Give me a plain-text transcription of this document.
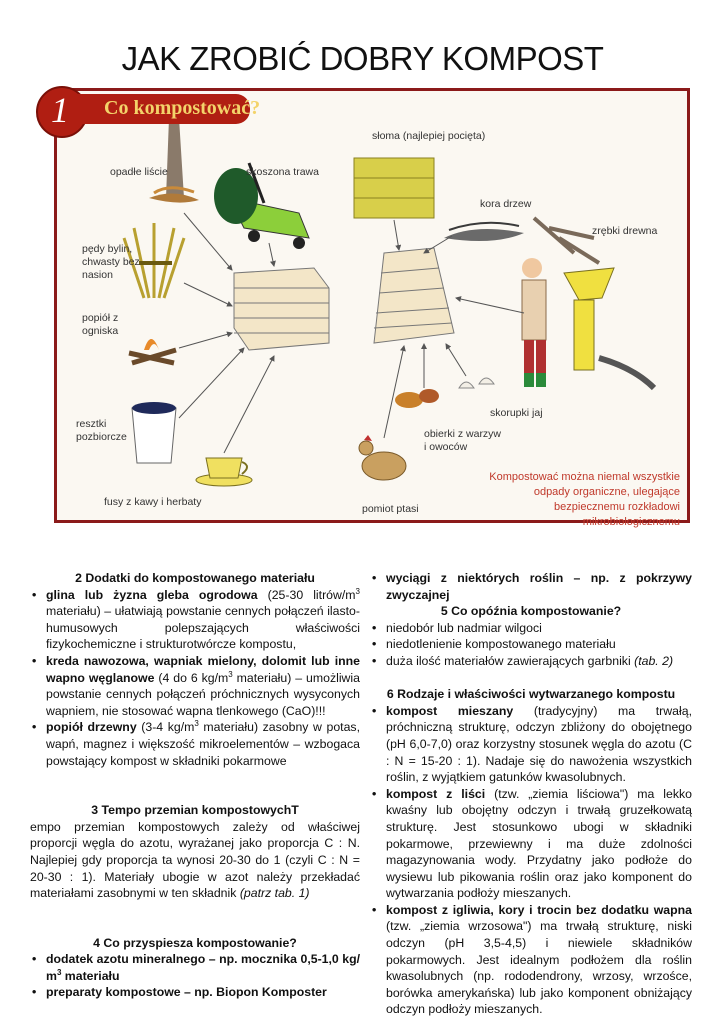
JAK ZROBIĆ DOBRY KOMPOST
1	Co kompostować?
opadłe liście	skoszona trawa
słoma (najlepiej pocięta)
kora drzew
zrębki drewna
pędy bylin, chwasty bez nasion
popiół z ogniska
resztki pozbiorcze
fusy z kawy i herbaty
pomiot ptasi
obierki z warzyw i owoców
skorupki jaj
Kompostować można niemal wszystkie odpady organiczne, ulegające bezpiecznemu rozkładowi mikrobiologicznemu
2 Dodatki do kompostowanego materiału
• glina lub żyzna gleba ogrodowa (25-30 litrów/$m^3$ materiału) – ułatwiają powstanie cennych połączeń ilasto-humusowych polepszających właściwości fizykochemiczne i strukturotwórcze kompostu,
• kreda nawozowa, wapniak mielony, dolomit lub inne wapno węglanowe (4 do 6 $kg/m^3$ materiału) – umożliwia powstanie cennych połączeń próchnicznych wysyconych wapniem, nie stosować wapna tlenkowego (CaO)!!!
• popiół drzewny (3-4 $kg/m^3$ materiału) zasobny w potas, wapń, magnez i większość mikroelementów – wzbogaca powstający kompost w składniki pokarmowe
3 Tempo przemian kompostowychT

empo przemian kompostowych zależy od właściwej proporcji węgla do azotu, wyrażanej jako proporcja C : N. Najlepiej gdy proporcja ta wynosi 20-30 do 1 (czyli C : N = 20-30 : 1). Materiały ubogie w azot należy przekładać materiałami zasobnymi w ten składnik (patrz tab. 1)

4 Co przyspiesza kompostowanie?
• dodatek azotu mineralnego – np. mocznika 0,5-1,0 kg/ $m^3$ materiału
• preparaty kompostowe – np. Biopon Komposter
• wyciągi z niektórych roślin – np. z pokrzywy zwyczajnej
5 Co opóźnia kompostowanie?
• niedobór lub nadmiar wilgoci
• niedotlenienie kompostowanego materiału
• duża ilość materiałów zawierających garbniki (tab. 2)
6 Rodzaje i właściwości wytwarzanego kompostu
• kompost mieszany (tradycyjny) ma trwałą, próchniczną strukturę, odczyn zbliżony do obojętnego (pH 6,0-7,0) oraz korzystny stosunek węgla do azotu (C : N = 15-20 : 1). Nadaje się do nawożenia wszystkich roślin, z wyjątkiem gatunków kwasolubnych.
• kompost z liści (tzw. „ziemia liściowa") ma lekko kwaśny lub obojętny odczyn i trwałą gruzełkowatą strukturę. Jest stosunkowo ubogi w składniki pokarmowe, przewiewny i ma duże zdolności magazynowania wody. Przydatny jako podłoże do wysiewu lub pikowania roślin oraz jako komponent do wytwarzania podłoży mieszanych.
• kompost z igliwia, kory i trocin bez dodatku wapna (tzw. „ziemia wrzosowa") ma trwałą strukturę, niski odczyn (pH 3,5-4,5) i niewiele składników pokarmowych. Jest idealnym podłożem dla roślin kwasolubnych (np. rododendrony, wrzosy, wrzośce, borówka amerykańska) lub jako komponent obniżający odczyn podłoży mieszanych.
